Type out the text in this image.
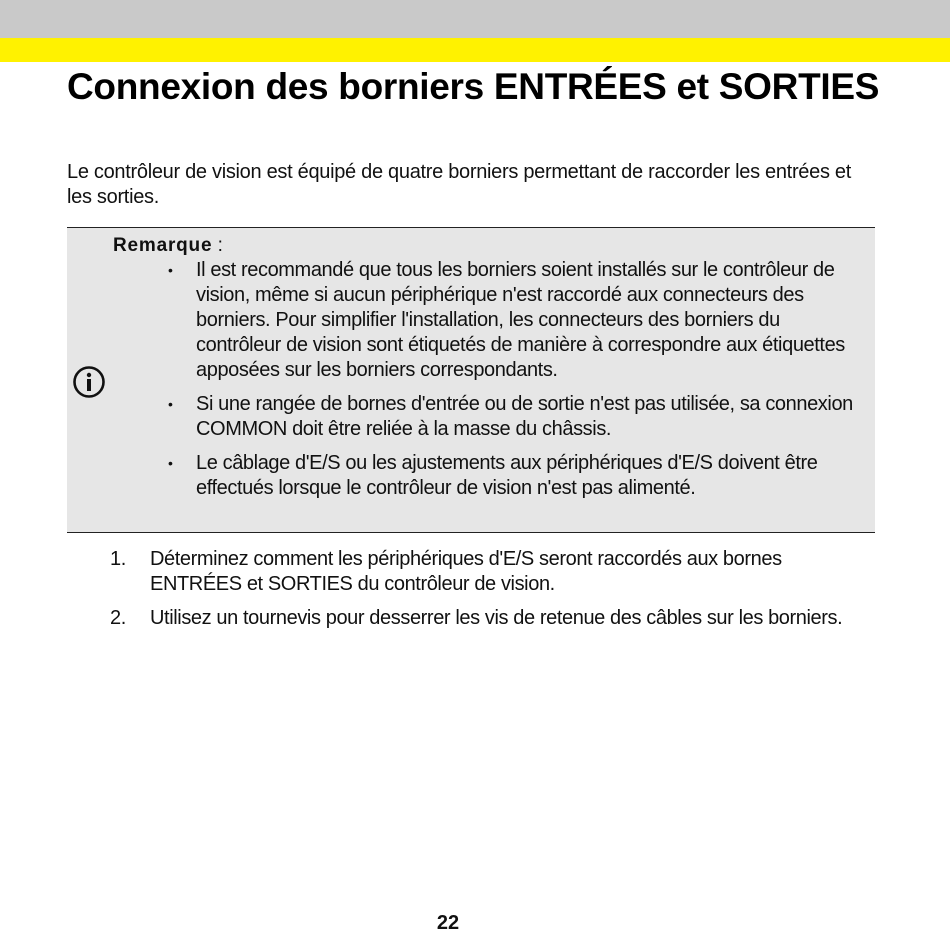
Connexion des borniers ENTRÉES et SORTIES

Le contrôleur de vision est équipé de quatre borniers permettant de raccorder les entrées et les sorties.

Remarque :
• Il est recommandé que tous les borniers soient installés sur le contrôleur de vision, même si aucun périphérique n'est raccordé aux connecteurs des borniers. Pour simplifier l'installation, les connecteurs des borniers du contrôleur de vision sont étiquetés de manière à correspondre aux étiquettes apposées sur les borniers correspondants.
• Si une rangée de bornes d'entrée ou de sortie n'est pas utilisée, sa connexion COMMON doit être reliée à la masse du châssis.
• Le câblage d'E/S ou les ajustements aux périphériques d'E/S doivent être effectués lorsque le contrôleur de vision n'est pas alimenté.
1. Déterminez comment les périphériques d'E/S seront raccordés aux bornes ENTRÉES et SORTIES du contrôleur de vision.
2. Utilisez un tournevis pour desserrer les vis de retenue des câbles sur les borniers.
22
